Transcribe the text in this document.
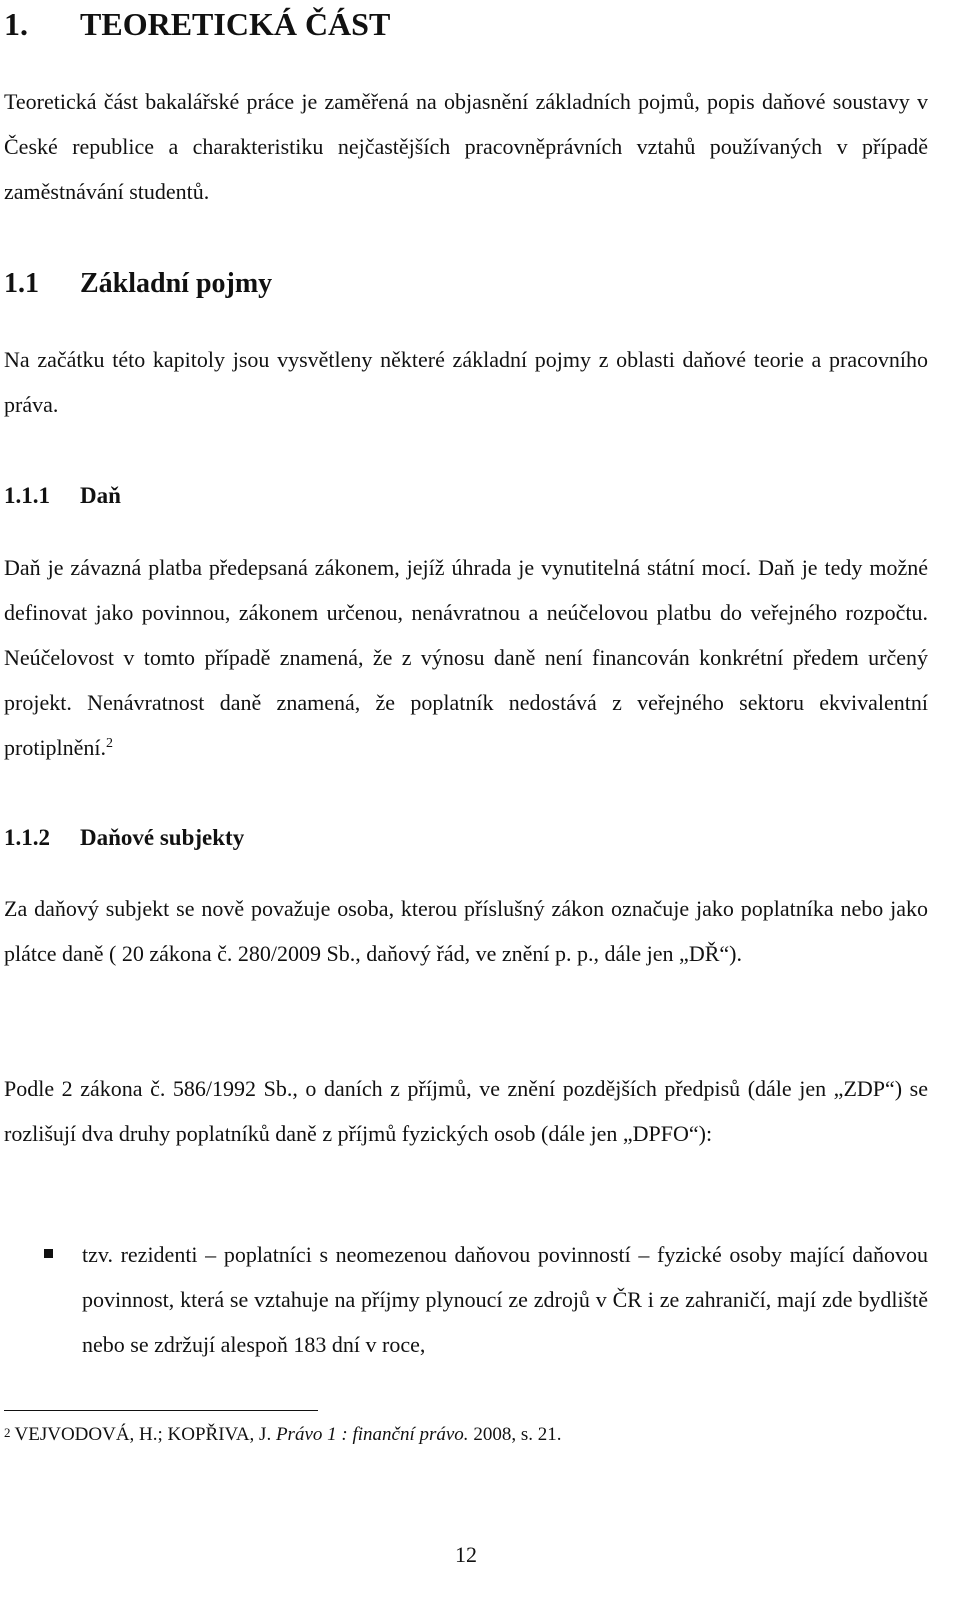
1. TEORETICKÁ ČÁST

Teoretická část bakalářské práce je zaměřená na objasnění základních pojmů, popis daňové soustavy v České republice a charakteristiku nejčastějších pracovněprávních vztahů používaných v případě zaměstnávání studentů.

1.1 Základní pojmy

Na začátku této kapitoly jsou vysvětleny některé základní pojmy z oblasti daňové teorie a pracovního práva.

1.1.1 Daň

Daň je závazná platba předepsaná zákonem, jejíž úhrada je vynutitelná státní mocí. Daň je tedy možné definovat jako povinnou, zákonem určenou, nenávratnou a neúčelovou platbu do veřejného rozpočtu. Neúčelovost v tomto případě znamená, že z výnosu daně není financován konkrétní předem určený projekt. Nenávratnost daně znamená, že poplatník nedostává z veřejného sektoru ekvivalentní protiplnění.$^2$

1.1.2 Daňové subjekty

Za daňový subjekt se nově považuje osoba, kterou příslušný zákon označuje jako poplatníka nebo jako plátce daně ( 20 zákona č. 280/2009 Sb., daňový řád, ve znění p. p., dále jen „DŘ“).

Podle 2 zákona č. 586/1992 Sb., o daních z příjmů, ve znění pozdějších předpisů (dále jen „ZDP“) se rozlišují dva druhy poplatníků daně z příjmů fyzických osob (dále jen „DPFO“):

tzv. rezidenti – poplatníci s neomezenou daňovou povinností – fyzické osoby mající daňovou povinnost, která se vztahuje na příjmy plynoucí ze zdrojů v ČR i ze zahraničí, mají zde bydliště nebo se zdržují alespoň 183 dní v roce,

$^2$ VEJVODOVÁ, H.; KOPŘIVA, J. Právo 1 : finanční právo. 2008, s. 21.

12
